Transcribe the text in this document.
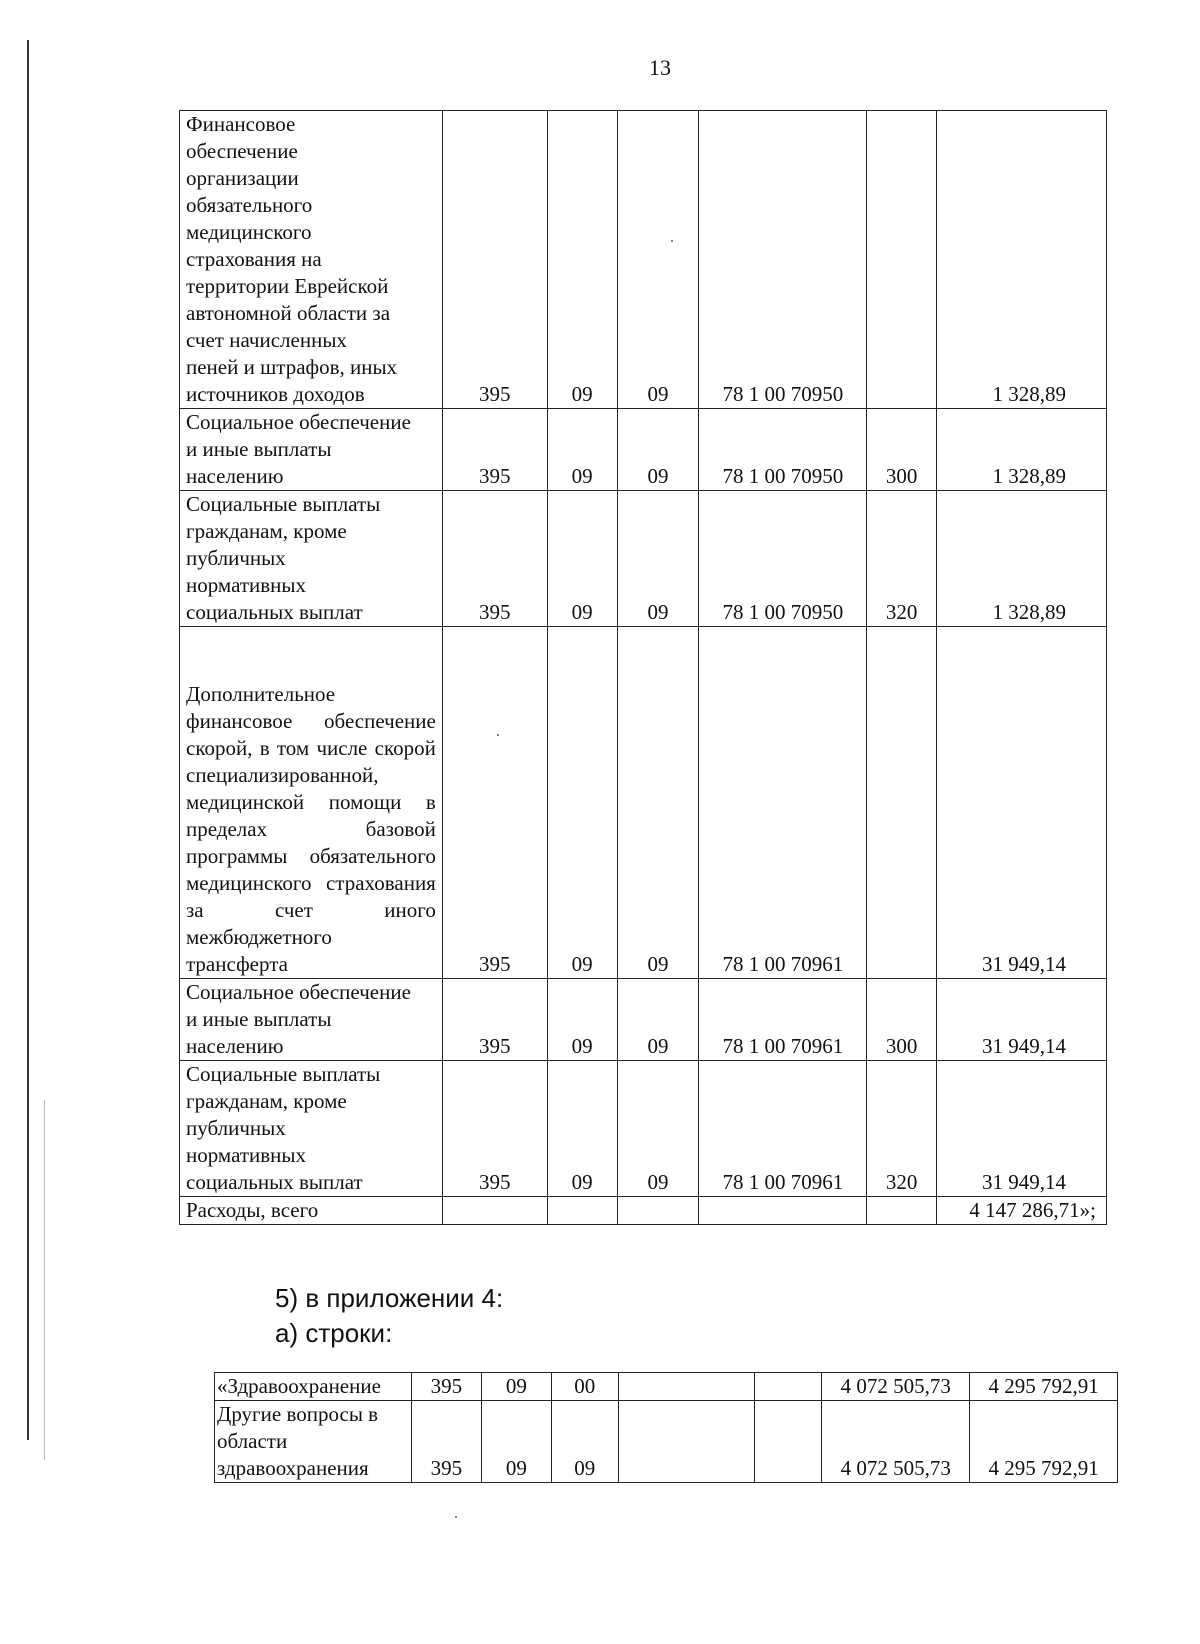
13
Финансовое обеспечение организации обязательного медицинского страхования на территории Еврейской автономной области за счет начисленных пеней и штрафов, иных источников доходов	395	09	09	78 1 00 70950		1 328,89
Социальное обеспечение и иные выплаты населению	395	09	09	78 1 00 70950	300	1 328,89
Социальные выплаты гражданам, кроме публичных нормативных социальных выплат	395	09	09	78 1 00 70950	320	1 328,89
Дополнительное финансовое обеспечение скорой, в том числе скорой специализированной, медицинской помощи в пределах базовой программы обязательного медицинского страхования за счет иного межбюджетного трансферта	395	09	09	78 1 00 70961		31 949,14
Социальное обеспечение и иные выплаты населению	395	09	09	78 1 00 70961	300	31 949,14
Социальные выплаты гражданам, кроме публичных нормативных социальных выплат	395	09	09	78 1 00 70961	320	31 949,14
Расходы, всего						4 147 286,71»;
5) в приложении 4:
а) строки:
«Здравоохранение	395	09	00			4 072 505,73	4 295 792,91
Другие вопросы в области здравоохранения	395	09	09			4 072 505,73	4 295 792,91
